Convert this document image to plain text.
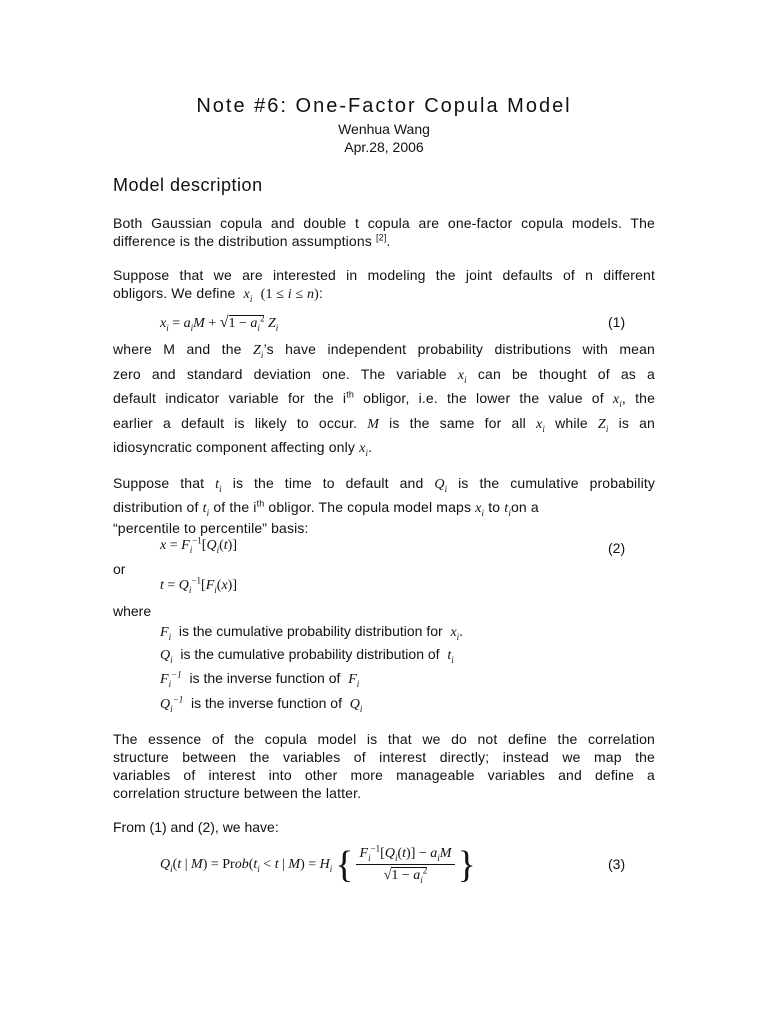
Note #6: One-Factor Copula Model
Wenhua Wang
Apr.28, 2006
Model description
Both Gaussian copula and double t copula are one-factor copula models. The
difference is the distribution assumptions [2].
Suppose that we are interested in modeling the joint defaults of n different
obligors. We define $x_i$ (1 ≤ i ≤ n):
$x_i = a_iM + √1 - a_i^2$ $Z_i$	(1)
where M and the $Z_i’s$ have independent probability distributions with mean
zero and standard deviation one. The variable $x_i$ can be thought of as a
default indicator variable for the $i^{th}$ obligor, i.e. the lower the value of $x_i$, the
earlier a default is likely to occur. M is the same for all $x_i$ while $Z_i$ is an
idiosyncratic component affecting only $x_i$.
Suppose that $t_i$ is the time to default and $Q_i$ is the cumulative probability
distribution of $t_i$ of the $i^{th}$ obligor. The copula model maps $x_i$ to $t_ion$ a
“percentile to percentile” basis:
$x = F_i^{-1}[Q_i(t)]$	(2)
or
$t = Q_i^{-1}[F_i(x)]$
where
$F_i$ is the cumulative probability distribution for $x_i$.
$Q_i$ is the cumulative probability distribution of $t_i$
$F_i^{-1}$ is the inverse function of $F_i$
$Q_i^{-1}$ is the inverse function of $Q_i$
The essence of the copula model is that we do not define the correlation
structure between the variables of interest directly; instead we map the
variables of interest into other more manageable variables and define a
correlation structure between the latter.
From (1) and (2), we have:
$Q_i(t$ | $M) = Prob(t_i < t$ | $M) = H_i$ { $F_i^{-1}[Q_i(t)] - a_iM$
$√1 - a_i^2$ }	(3)
